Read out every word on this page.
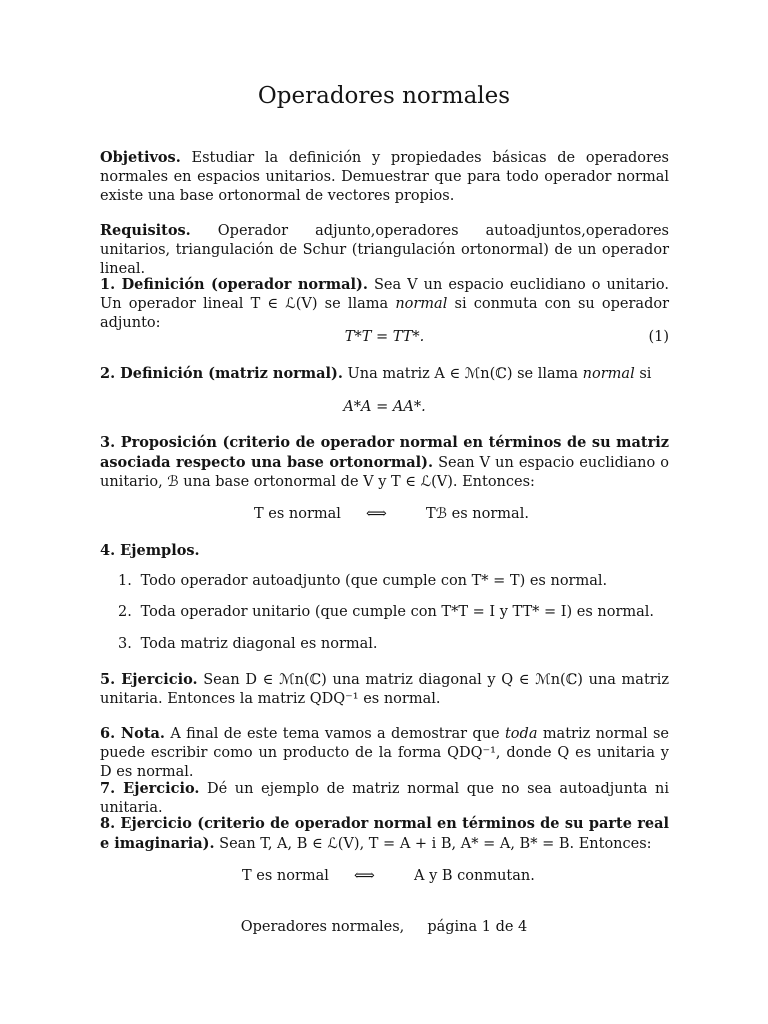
Operadores normales
Objetivos. Estudiar la definición y propiedades básicas de operadores normales en espacios unitarios. Demuestrar que para todo operador normal existe una base ortonormal de vectores propios.
Requisitos. Operador adjunto,operadores autoadjuntos,operadores unitarios, triangulación de Schur (triangulación ortonormal) de un operador lineal.
1. Definición (operador normal). Sea V un espacio euclidiano o unitario. Un operador lineal T ∈ ℒ(V) se llama normal si conmuta con su operador adjunto:
T*T = TT*.	(1)
2. Definición (matriz normal). Una matriz A ∈ ℳn(ℂ) se llama normal si
A*A = AA*.
3. Proposición (criterio de operador normal en términos de su matriz asociada respecto una base ortonormal). Sean V un espacio euclidiano o unitario, ℬ una base ortonormal de V y T ∈ ℒ(V). Entonces:
T es normal ⟺	Tℬ es normal.
4. Ejemplos.
1. Todo operador autoadjunto (que cumple con T* = T) es normal.
2. Toda operador unitario (que cumple con T*T = I y TT* = I) es normal.
3. Toda matriz diagonal es normal.
5. Ejercicio. Sean D ∈ ℳn(ℂ) una matriz diagonal y Q ∈ ℳn(ℂ) una matriz unitaria. Entonces la matriz QDQ⁻¹ es normal.
6. Nota. A final de este tema vamos a demostrar que toda matriz normal se puede escribir como un producto de la forma QDQ⁻¹, donde Q es unitaria y D es normal.
7. Ejercicio. Dé un ejemplo de matriz normal que no sea autoadjunta ni unitaria.
8. Ejercicio (criterio de operador normal en términos de su parte real e imaginaria). Sean T, A, B ∈ ℒ(V), T = A + i B, A* = A, B* = B. Entonces:
T es normal ⟺	A y B conmutan.
Operadores normales, página 1 de 4
